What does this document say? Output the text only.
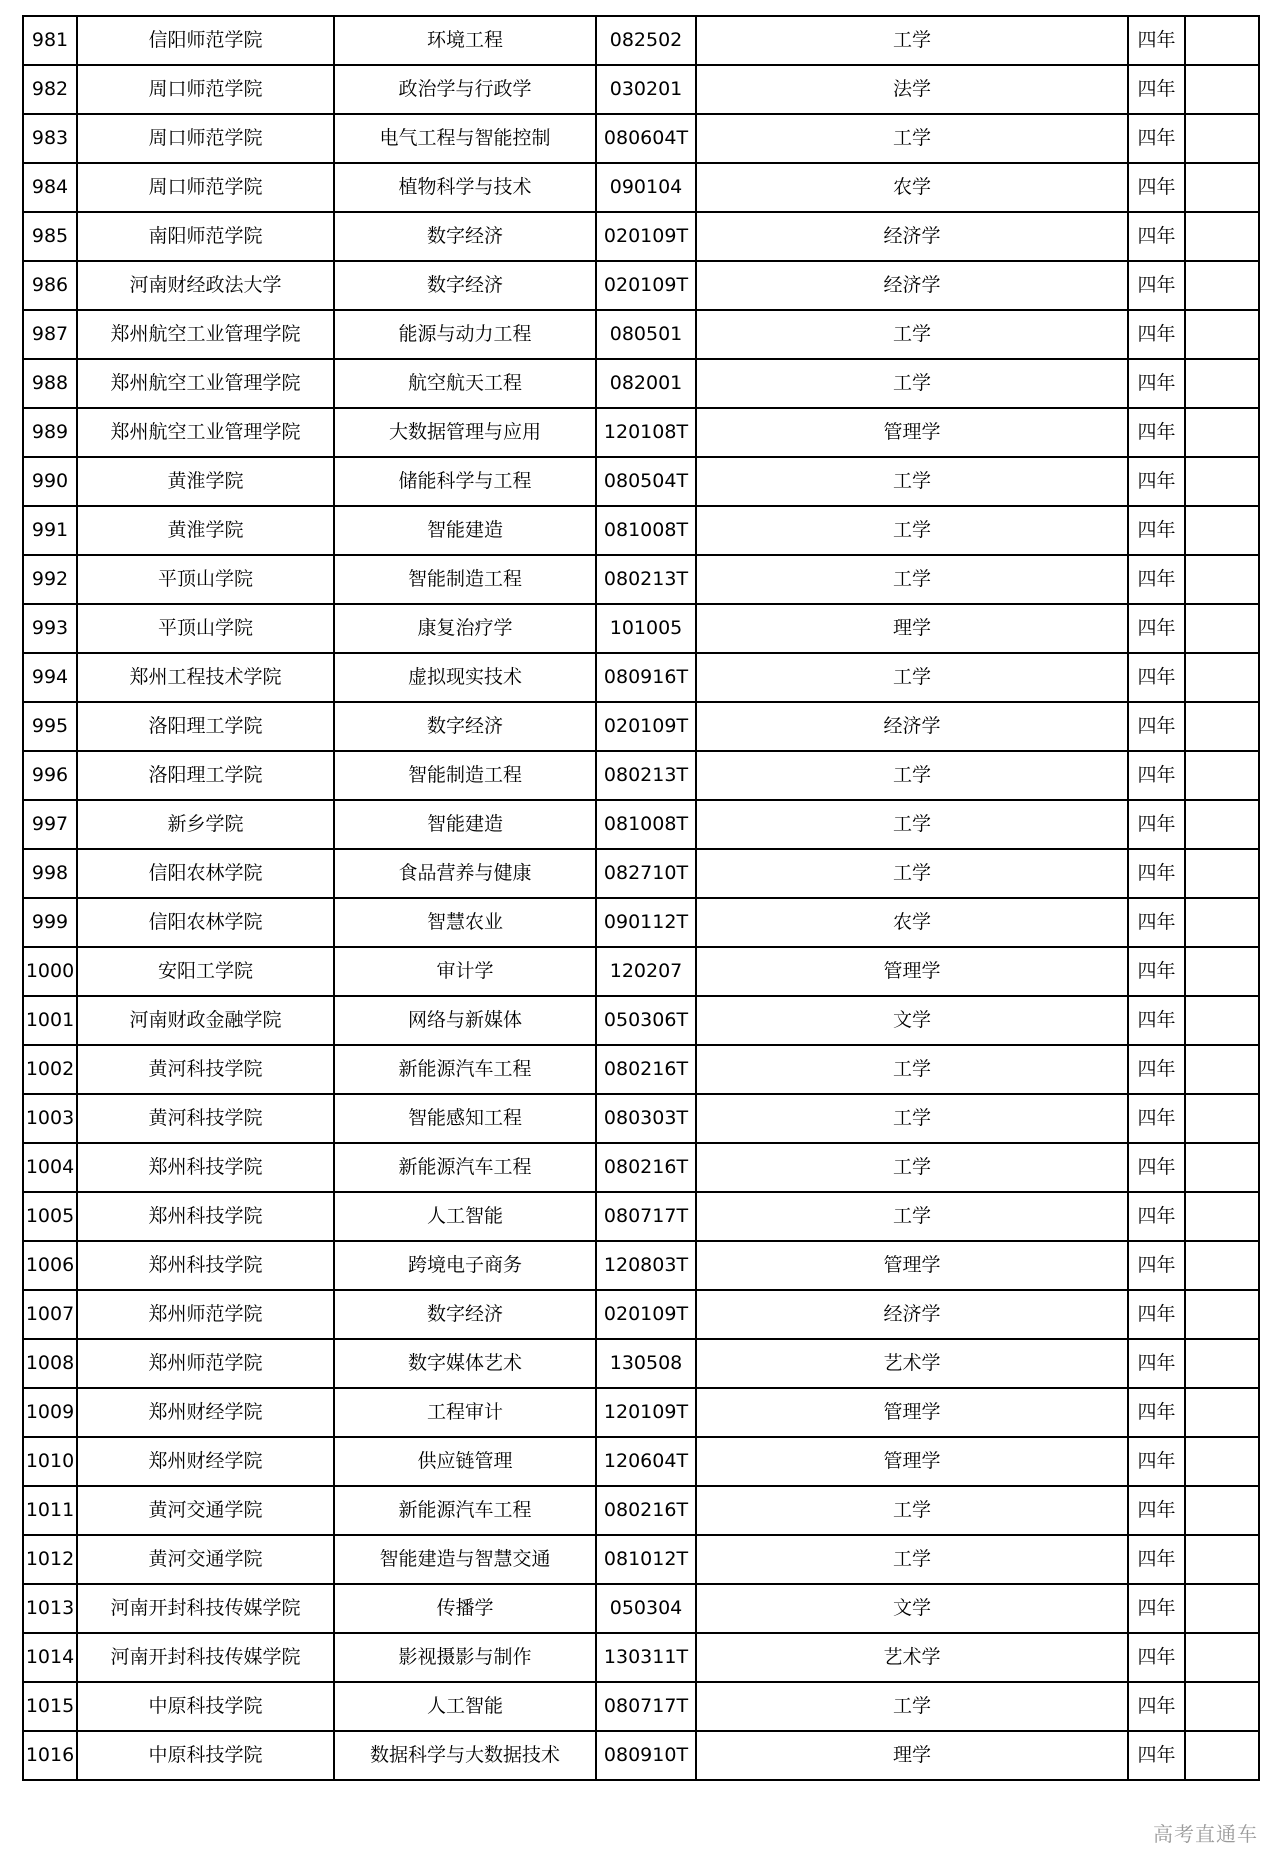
981	信阳师范学院	环境工程	082502	工学	四年	
982	周口师范学院	政治学与行政学	030201	法学	四年	
983	周口师范学院	电气工程与智能控制	080604T	工学	四年	
984	周口师范学院	植物科学与技术	090104	农学	四年	
985	南阳师范学院	数字经济	020109T	经济学	四年	
986	河南财经政法大学	数字经济	020109T	经济学	四年	
987	郑州航空工业管理学院	能源与动力工程	080501	工学	四年	
988	郑州航空工业管理学院	航空航天工程	082001	工学	四年	
989	郑州航空工业管理学院	大数据管理与应用	120108T	管理学	四年	
990	黄淮学院	储能科学与工程	080504T	工学	四年	
991	黄淮学院	智能建造	081008T	工学	四年	
992	平顶山学院	智能制造工程	080213T	工学	四年	
993	平顶山学院	康复治疗学	101005	理学	四年	
994	郑州工程技术学院	虚拟现实技术	080916T	工学	四年	
995	洛阳理工学院	数字经济	020109T	经济学	四年	
996	洛阳理工学院	智能制造工程	080213T	工学	四年	
997	新乡学院	智能建造	081008T	工学	四年	
998	信阳农林学院	食品营养与健康	082710T	工学	四年	
999	信阳农林学院	智慧农业	090112T	农学	四年	
1000	安阳工学院	审计学	120207	管理学	四年	
1001	河南财政金融学院	网络与新媒体	050306T	文学	四年	
1002	黄河科技学院	新能源汽车工程	080216T	工学	四年	
1003	黄河科技学院	智能感知工程	080303T	工学	四年	
1004	郑州科技学院	新能源汽车工程	080216T	工学	四年	
1005	郑州科技学院	人工智能	080717T	工学	四年	
1006	郑州科技学院	跨境电子商务	120803T	管理学	四年	
1007	郑州师范学院	数字经济	020109T	经济学	四年	
1008	郑州师范学院	数字媒体艺术	130508	艺术学	四年	
1009	郑州财经学院	工程审计	120109T	管理学	四年	
1010	郑州财经学院	供应链管理	120604T	管理学	四年	
1011	黄河交通学院	新能源汽车工程	080216T	工学	四年	
1012	黄河交通学院	智能建造与智慧交通	081012T	工学	四年	
1013	河南开封科技传媒学院	传播学	050304	文学	四年	
1014	河南开封科技传媒学院	影视摄影与制作	130311T	艺术学	四年	
1015	中原科技学院	人工智能	080717T	工学	四年	
1016	中原科技学院	数据科学与大数据技术	080910T	理学	四年	
高考直通车
